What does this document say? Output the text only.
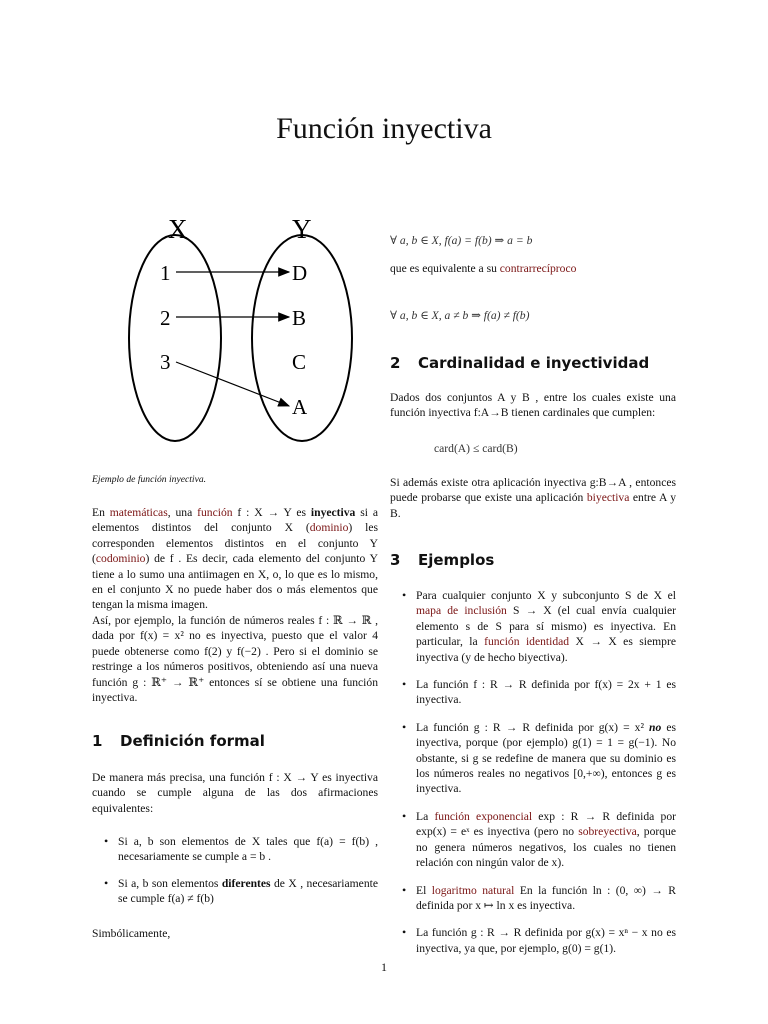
Función inyectiva
X	Y
1
2
3
D
B
C
A

Ejemplo de función inyectiva.

En matemáticas, una función f : X → Y es inyectiva si a elementos distintos del conjunto X (dominio) les corresponden elementos distintos en el conjunto Y (codominio) de f . Es decir, cada elemento del conjunto Y tiene a lo sumo una antiimagen en X, o, lo que es lo mismo, en el conjunto X no puede haber dos o más elementos que tengan la misma imagen.

Así, por ejemplo, la función de números reales f : ℝ → ℝ , dada por f(x) = x² no es inyectiva, puesto que el valor 4 puede obtenerse como f(2) y f(−2) . Pero si el dominio se restringe a los números positivos, obteniendo así una nueva función g : ℝ⁺ → ℝ⁺ entonces sí se obtiene una función inyectiva.

1 Definición formal

De manera más precisa, una función f : X → Y es inyectiva cuando se cumple alguna de las dos afirmaciones equivalentes:

• Si a, b son elementos de X tales que f(a) = f(b) , necesariamente se cumple a = b .
• Si a, b son elementos diferentes de X , necesariamente se cumple f(a) ≠ f(b)

Simbólicamente,

∀ a, b ∈ X, f(a) = f(b) ⇒ a = b

que es equivalente a su contrarrecíproco

∀ a, b ∈ X, a ≠ b ⇒ f(a) ≠ f(b)

2 Cardinalidad e inyectividad

Dados dos conjuntos A y B , entre los cuales existe una función inyectiva f:A→B tienen cardinales que cumplen:

card(A) ≤ card(B)

Si además existe otra aplicación inyectiva g:B→A , entonces puede probarse que existe una aplicación biyectiva entre A y B.

3 Ejemplos
• Para cualquier conjunto X y subconjunto S de X el mapa de inclusión S → X (el cual envía cualquier elemento s de S para sí mismo) es inyectiva. En particular, la función identidad X → X es siempre inyectiva (y de hecho biyectiva).
• La función f : R → R definida por f(x) = 2x + 1 es inyectiva.
• La función g : R → R definida por g(x) = x² no es inyectiva, porque (por ejemplo) g(1) = 1 = g(−1). No obstante, si g se redefine de manera que su dominio es los números reales no negativos [0,+∞), entonces g es inyectiva.
• La función exponencial exp : R → R definida por exp(x) = eˣ es inyectiva (pero no sobreyectiva, porque no genera números negativos, los cuales no tienen relación con ningún valor de x).
• El logaritmo natural En la función ln : (0, ∞) → R definida por x ↦ ln x es inyectiva.
• La función g : R → R definida por g(x) = xⁿ − x no es inyectiva, ya que, por ejemplo, g(0) = g(1).
1
